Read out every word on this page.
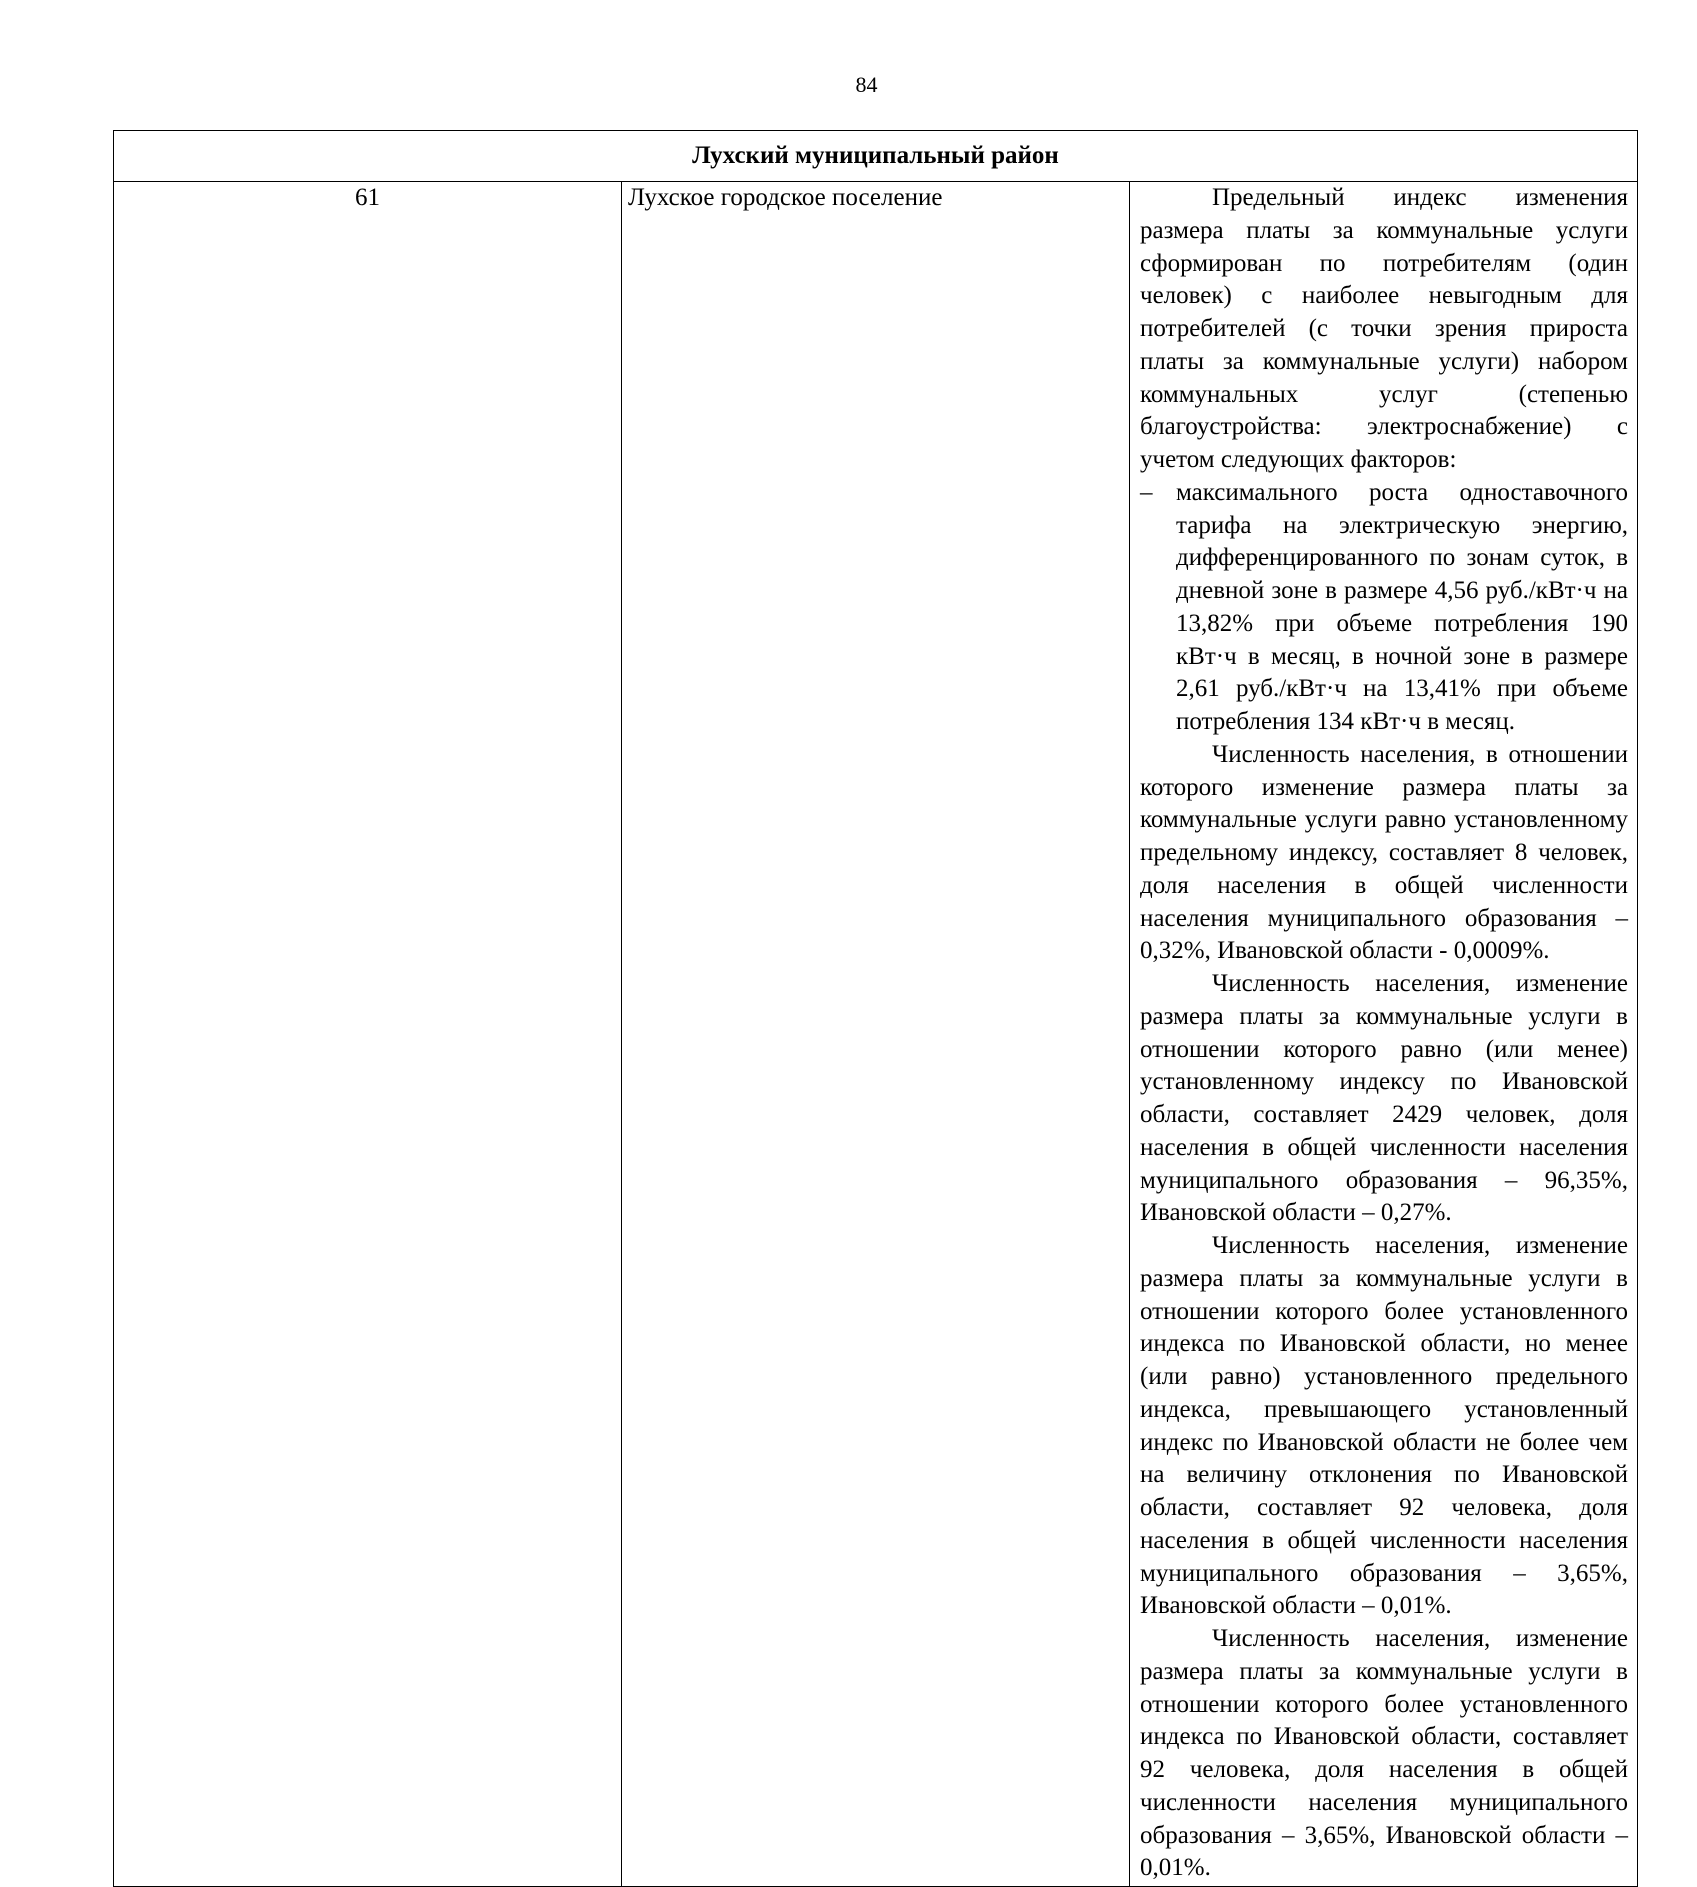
84
Лухский муниципальный район
61	Лухское городское поселение	Предельный индекс изменения размера платы за коммунальные услуги сформирован по потребителям (один человек) с наиболее невыгодным для потребителей (с точки зрения прироста платы за коммунальные услуги) набором коммунальных услуг (степенью благоустройства: электроснабжение) с учетом следующих факторов:

– максимального роста одноставочного тарифа на электрическую энергию, дифференцированного по зонам суток, в дневной зоне в размере 4,56 руб./кВт·ч на 13,82% при объеме потребления 190 кВт·ч в месяц, в ночной зоне в размере 2,61 руб./кВт·ч на 13,41% при объеме потребления 134 кВт·ч в месяц.

Численность населения, в отношении которого изменение размера платы за коммунальные услуги равно установленному предельному индексу, составляет 8 человек, доля населения в общей численности населения муниципального образования – 0,32%, Ивановской области - 0,0009%.

Численность населения, изменение размера платы за коммунальные услуги в отношении которого равно (или менее) установленному индексу по Ивановской области, составляет 2429 человек, доля населения в общей численности населения муниципального образования – 96,35%, Ивановской области – 0,27%.

Численность населения, изменение размера платы за коммунальные услуги в отношении которого более установленного индекса по Ивановской области, но менее (или равно) установленного предельного индекса, превышающего установленный индекс по Ивановской области не более чем на величину отклонения по Ивановской области, составляет 92 человека, доля населения в общей численности населения муниципального образования – 3,65%, Ивановской области – 0,01%.

Численность населения, изменение размера платы за коммунальные услуги в отношении которого более установленного индекса по Ивановской области, составляет 92 человека, доля населения в общей численности населения муниципального образования – 3,65%, Ивановской области – 0,01%.
